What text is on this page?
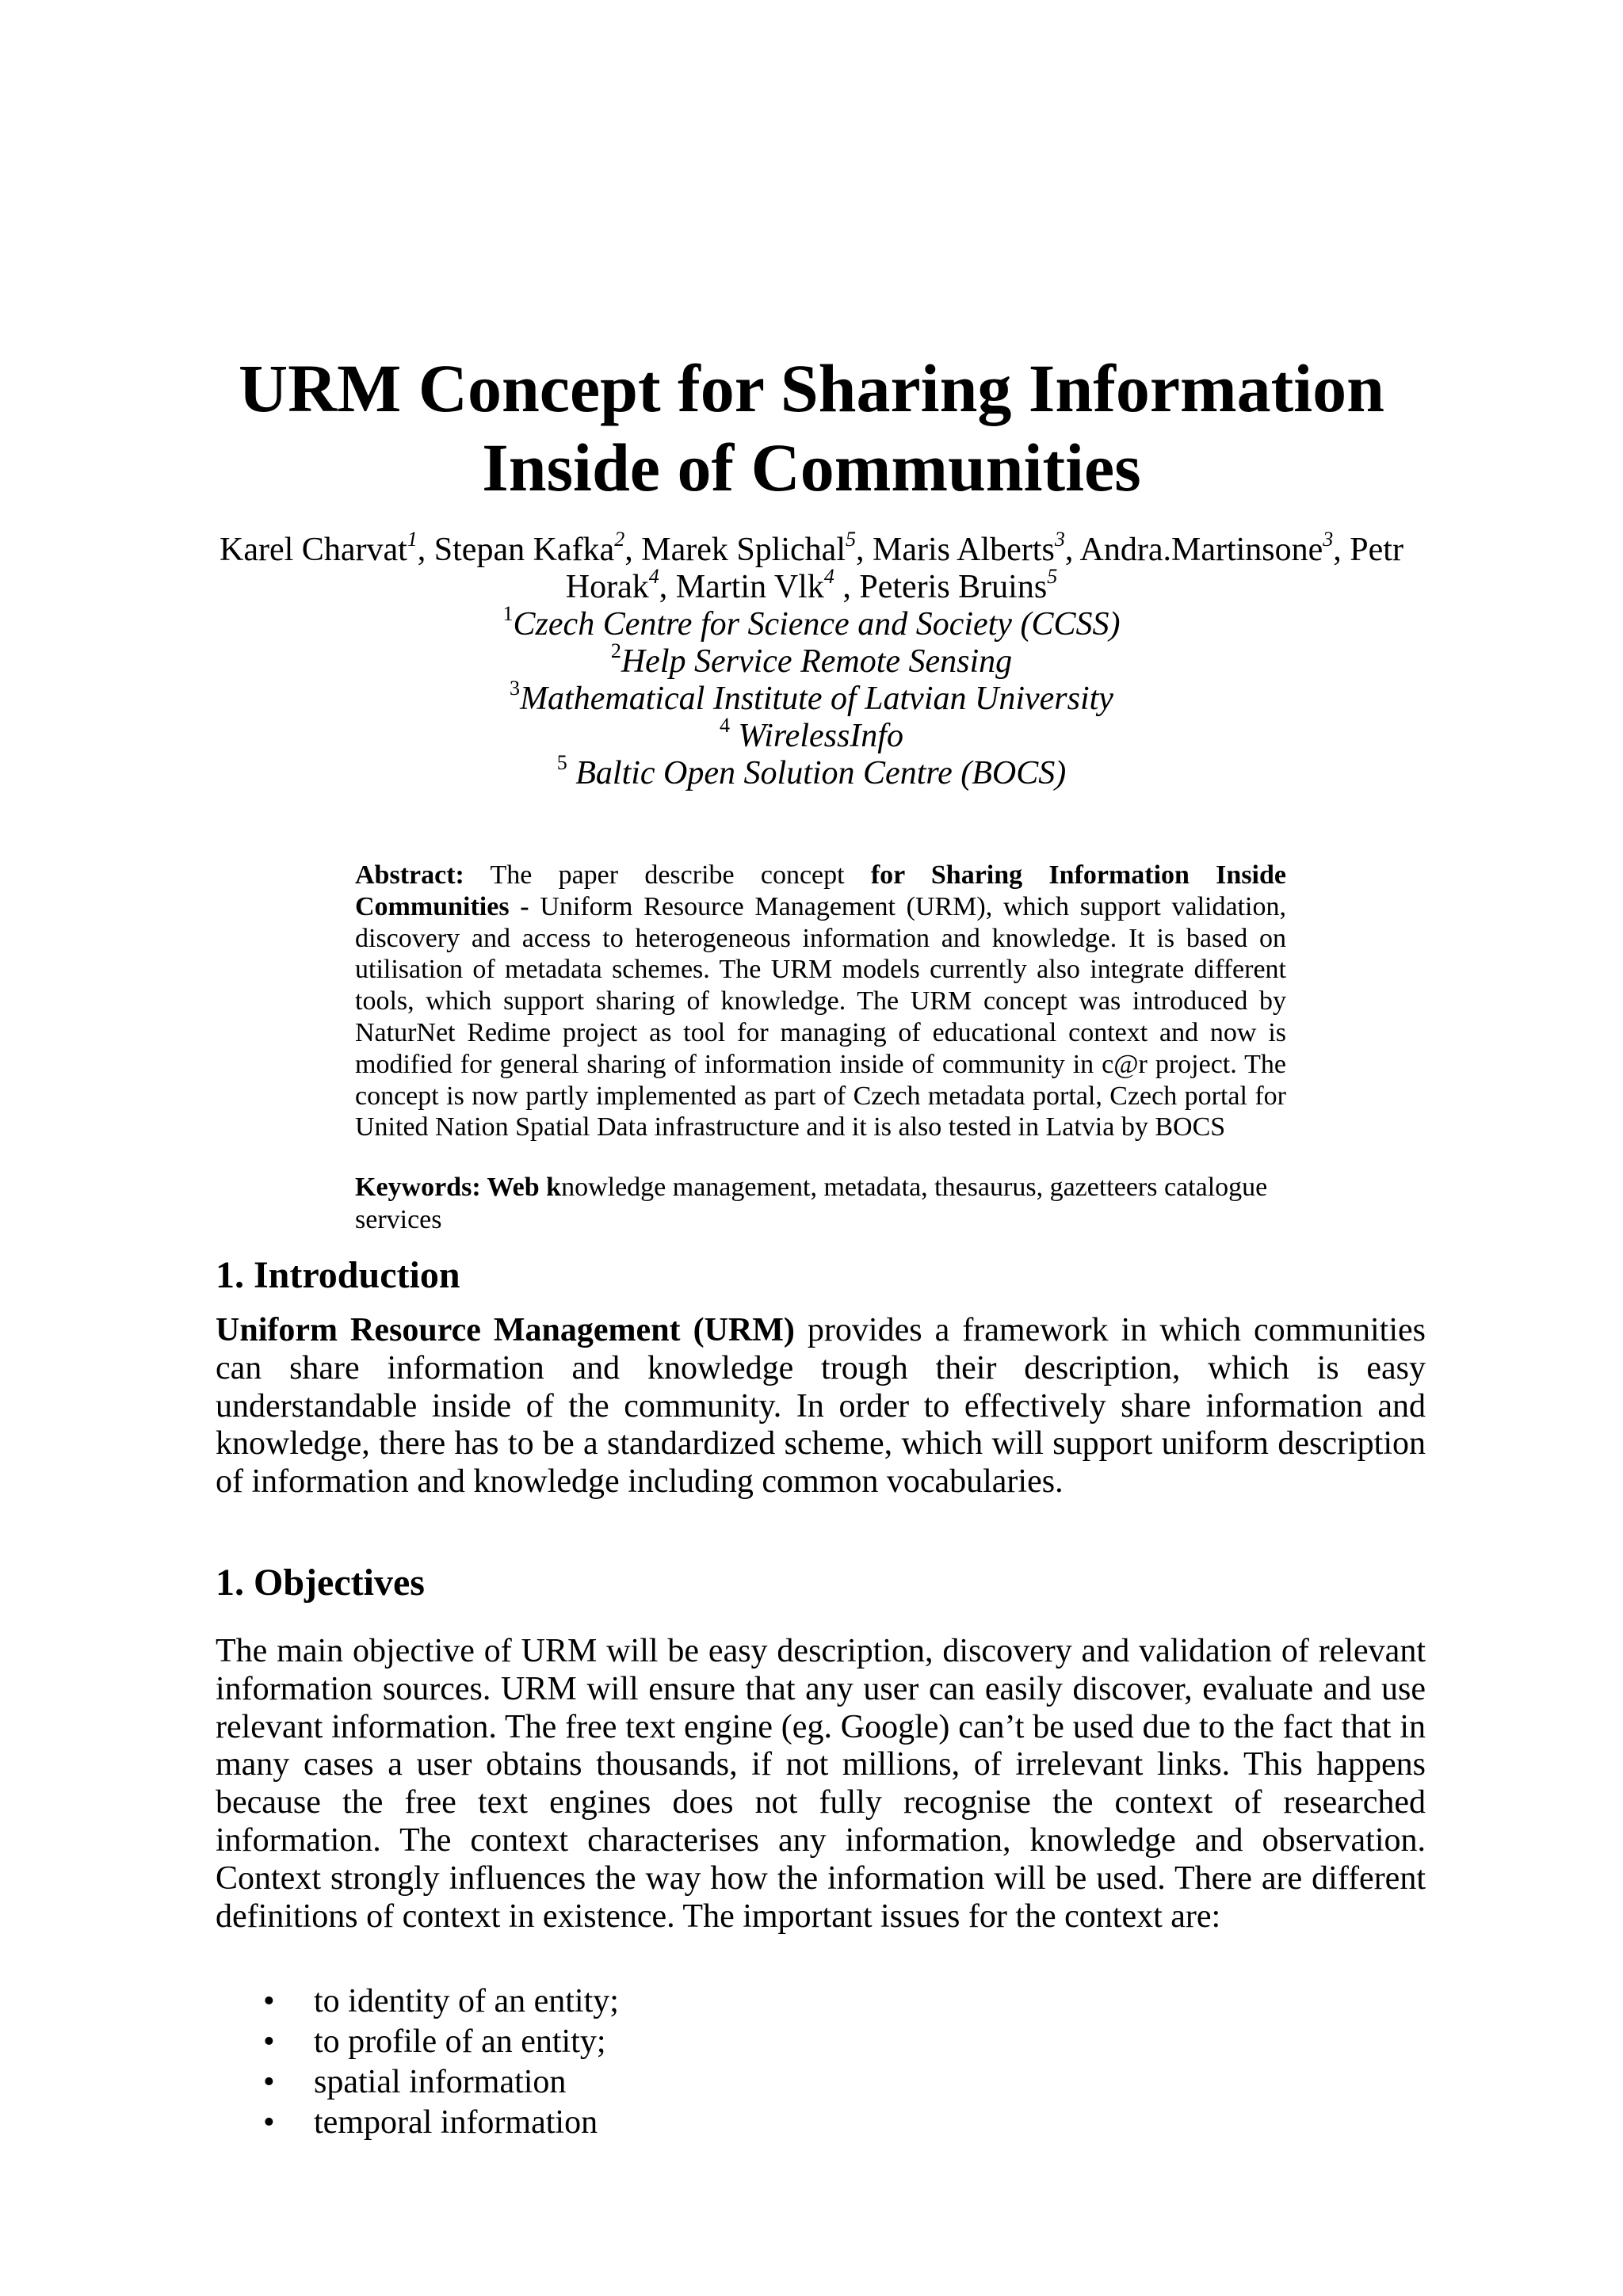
URM Concept for Sharing Information
Inside of Communities
Karel Charvat$^1$, Stepan Kafka$^2$, Marek Splichal$^5$, Maris Alberts$^3$, Andra.Martinsone$^3$, Petr
Horak$^4$, Martin Vlk$^4$ , Peteris Bruins$^5$
$^1$Czech Centre for Science and Society (CCSS)
$^2$Help Service Remote Sensing
$^3$Mathematical Institute of Latvian University
$^4$ WirelessInfo
$^5$ Baltic Open Solution Centre (BOCS)

Abstract: The paper describe concept for Sharing Information Inside Communities - Uniform Resource Management (URM), which support validation, discovery and access to heterogeneous information and knowledge. It is based on utilisation of metadata schemes. The URM models currently also integrate different tools, which support sharing of knowledge. The URM concept was introduced by NaturNet Redime project as tool for managing of educational context and now is modified for general sharing of information inside of community in c@r project. The concept is now partly implemented as part of Czech metadata portal, Czech portal for United Nation Spatial Data infrastructure and it is also tested in Latvia by BOCS

Keywords: Web knowledge management, metadata, thesaurus, gazetteers catalogue services
1. Introduction

Uniform Resource Management (URM) provides a framework in which communities can share information and knowledge trough their description, which is easy understandable inside of the community. In order to effectively share information and knowledge, there has to be a standardized scheme, which will support uniform description of information and knowledge including common vocabularies.

1. Objectives

The main objective of URM will be easy description, discovery and validation of relevant information sources. URM will ensure that any user can easily discover, evaluate and use relevant information. The free text engine (eg. Google) can’t be used due to the fact that in many cases a user obtains thousands, if not millions, of irrelevant links. This happens because the free text engines does not fully recognise the context of researched information. The context characterises any information, knowledge and observation. Context strongly influences the way how the information will be used. There are different definitions of context in existence. The important issues for the context are:

• to identity of an entity;
• to profile of an entity;
• spatial information
• temporal information
